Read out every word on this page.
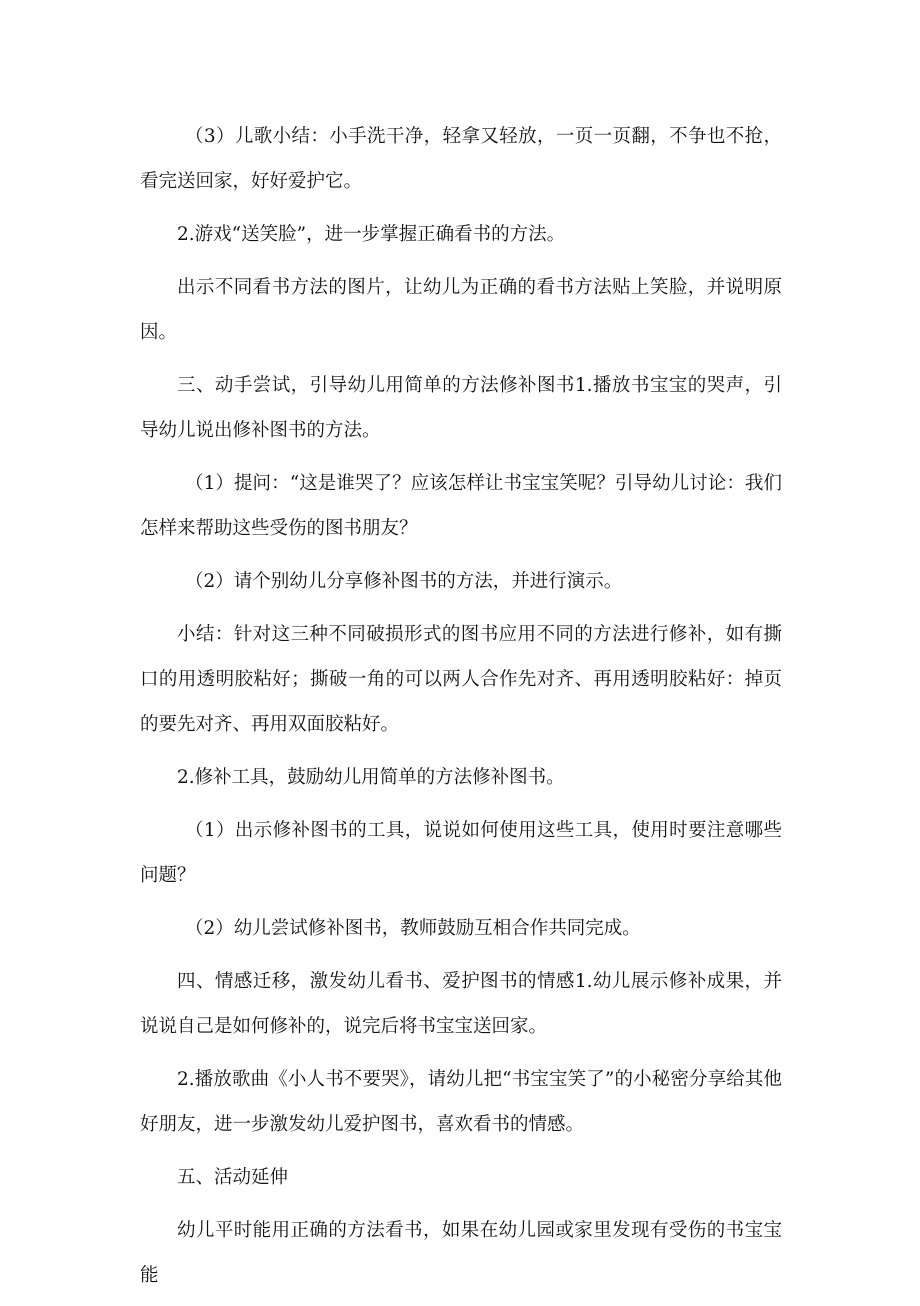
（3）儿歌小结：小手洗干净，轻拿又轻放，一页一页翻，不争也不抢，看完送回家，好好爱护它。

2.游戏“送笑脸”，进一步掌握正确看书的方法。

出示不同看书方法的图片，让幼儿为正确的看书方法贴上笑脸，并说明原因。

三、动手尝试，引导幼儿用简单的方法修补图书1.播放书宝宝的哭声，引导幼儿说出修补图书的方法。

（1）提问：“这是谁哭了？应该怎样让书宝宝笑呢？引导幼儿讨论：我们怎样来帮助这些受伤的图书朋友？

（2）请个别幼儿分享修补图书的方法，并进行演示。

小结：针对这三种不同破损形式的图书应用不同的方法进行修补，如有撕口的用透明胶粘好；撕破一角的可以两人合作先对齐、再用透明胶粘好：掉页的要先对齐、再用双面胶粘好。

2.修补工具，鼓励幼儿用简单的方法修补图书。

（1）出示修补图书的工具，说说如何使用这些工具，使用时要注意哪些问题？

（2）幼儿尝试修补图书，教师鼓励互相合作共同完成。

四、情感迁移，激发幼儿看书、爱护图书的情感1.幼儿展示修补成果，并说说自己是如何修补的，说完后将书宝宝送回家。

2.播放歌曲《小人书不要哭》，请幼儿把“书宝宝笑了”的小秘密分享给其他好朋友，进一步激发幼儿爱护图书，喜欢看书的情感。

五、活动延伸

幼儿平时能用正确的方法看书，如果在幼儿园或家里发现有受伤的书宝宝能
